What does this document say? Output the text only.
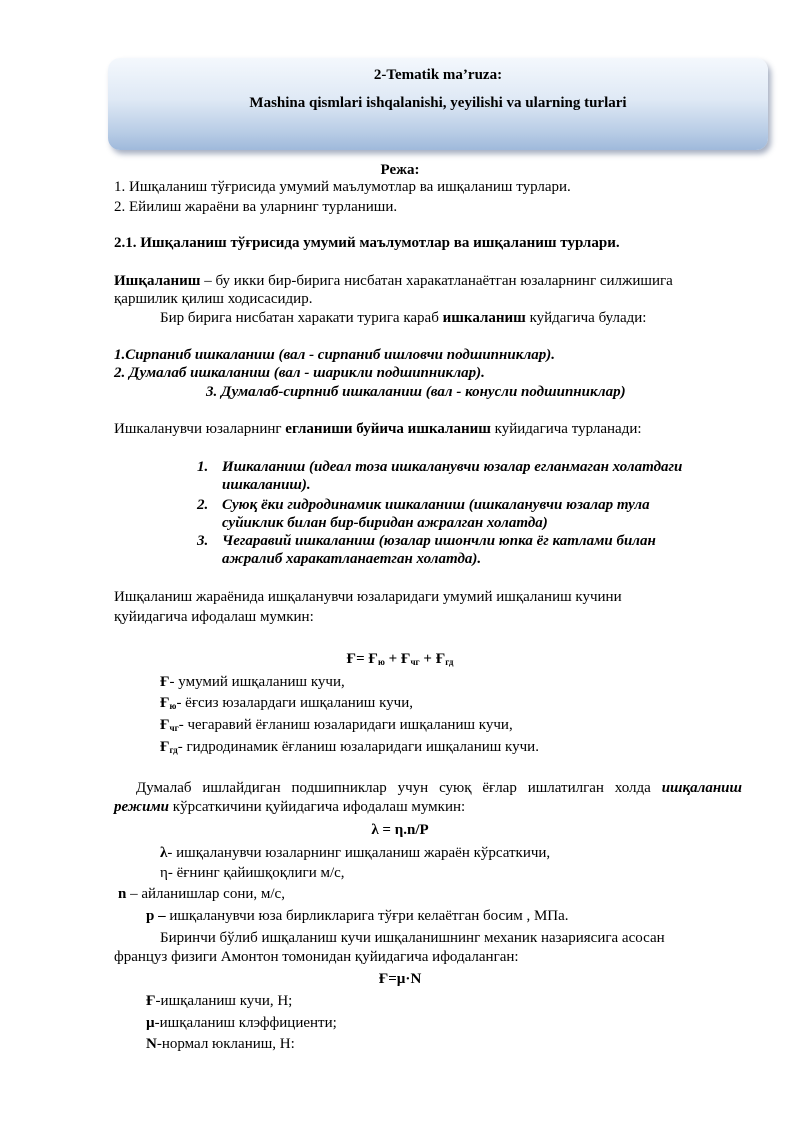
2-Tematik ma’ruza:
Mashina qismlari ishqalanishi, yeyilishi va ularning turlari
Режа:
1. Ишқаланиш тўғрисида умумий маълумотлар ва ишқаланиш турлари.
2. Ейилиш жараёни ва уларнинг турланиши.
2.1. Ишқаланиш тўғрисида умумий маълумотлар ва ишқаланиш турлари.
Ишқаланиш – бу икки бир-бирига нисбатан харакатланаётган юзаларнинг силжишига
қаршилик қилиш ходисасидир.
Бир бирига нисбатан харакати турига караб ишкаланиш куйдагича булади:
1.Сирпаниб ишкаланиш (вал - сирпаниб ишловчи подшипниклар).
2. Думалаб ишкаланиш (вал - шарикли подшипниклар).
3. Думалаб-сирпниб ишкаланиш (вал - конусли подшипниклар)
Ишкаланувчи юзаларнинг егланиши буйича ишкаланиш куйидагича турланади:
1. Ишкаланиш (идеал тоза ишкаланувчи юзалар егланмаган холатдаги
ишкаланиш).
2. Суюқ ёки гидродинамик ишкаланиш (ишкаланувчи юзалар тула
суйиклик билан бир-биридан ажралган холатда)
3. Чегаравий ишкаланиш (юзалар ишончли юпка ёг катлами билан
ажралиб харакатланаетган холатда).
Ишқаланиш жараёнида ишқаланувчи юзаларидаги умумий ишқаланиш кучини
қуйидагича ифодалаш мумкин:
$Ғ= Ғ_ю + Ғ_{чг} + Ғ_{гд}$
Ғ- умумий ишқаланиш кучи,
$Ғ_ю-$ ёғсиз юзалардаги ишқаланиш кучи,
$Ғ_{чг}-$ чегаравий ёғланиш юзаларидаги ишқаланиш кучи,
$Ғ_{гд}-$ гидродинамик ёғланиш юзаларидаги ишқаланиш кучи.
Думалаб ишлайдиган подшипниклар учун суюқ ёғлар ишлатилган холда ишқаланиш
режими кўрсаткичини қуйидагича ифодалаш мумкин:
λ = η.n/P
λ- ишқаланувчи юзаларнинг ишқаланиш жараён кўрсаткичи,
η- ёғнинг қайишқоқлиги м/с,
n – айланишлар сони, м/с,
p – ишқаланувчи юза бирликларига тўғри келаётган босим , МПа.
Биринчи бўлиб ишқаланиш кучи ишқаланишнинг механик назариясига асосан
француз физиги Амонтон томонидан қуйидагича ифодаланган:
Ғ=µ·N
Ғ-ишқаланиш кучи, Н;
µ-ишқаланиш клэффициенти;
N-нормал юкланиш, Н:
